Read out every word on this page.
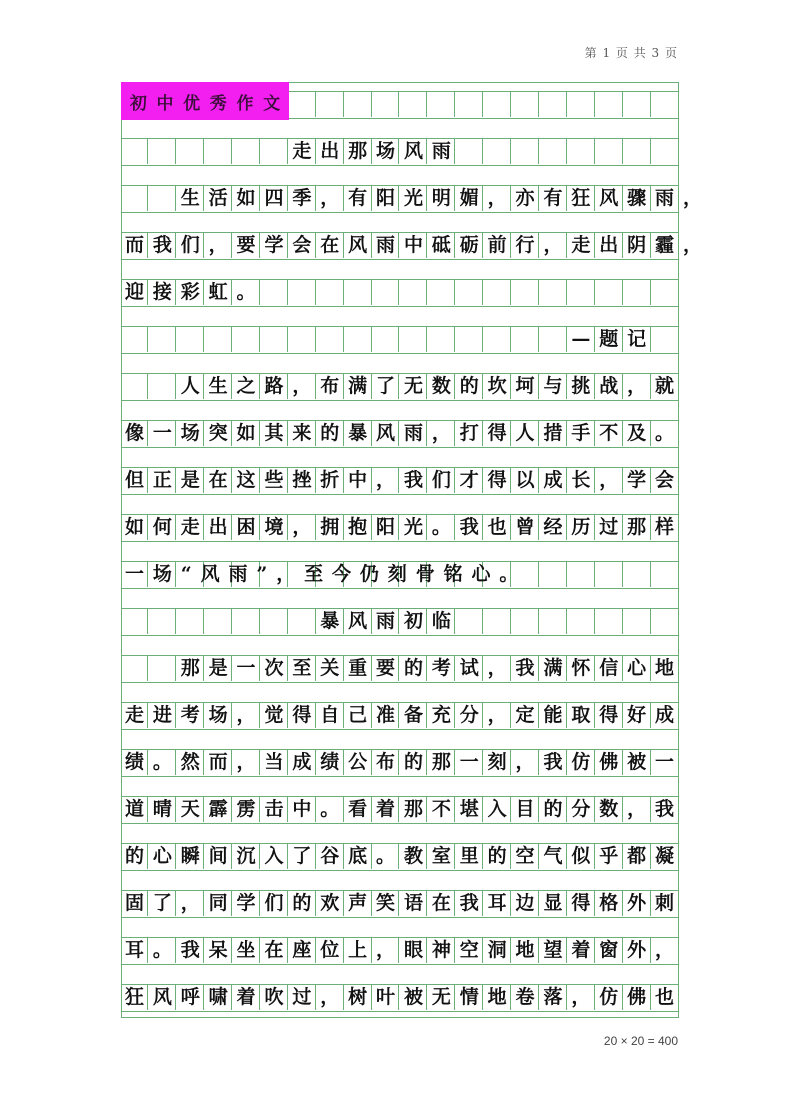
第 1 页 共 3 页
初 中 优 秀 作 文

　　　　　　走出那场风雨　　　　　　　　
　　生活如四季，有阳光明媚，亦有狂风骤雨，
而我们，要学会在风雨中砥砺前行，走出阴霾，
迎接彩虹。　　　　　　　　　　　　　　　
　　　　　　　　　　　　　　　　—题记　
　　人生之路，布满了无数的坎坷与挑战，就
像一场突如其来的暴风雨，打得人措手不及。
但正是在这些挫折中，我们才得以成长，学会
如何走出困境，拥抱阳光。我也曾经历过那样
一场“风雨”，至今仍刻骨铭心。　　　　　
　　　　　　　暴风雨初临　　　　　　　　
　　那是一次至关重要的考试，我满怀信心地
走进考场，觉得自己准备充分，定能取得好成
绩。然而，当成绩公布的那一刻，我仿佛被一
道晴天霹雳击中。看着那不堪入目的分数，我
的心瞬间沉入了谷底。教室里的空气似乎都凝
固了，同学们的欢声笑语在我耳边显得格外刺
耳。我呆坐在座位上，眼神空洞地望着窗外，
狂风呼啸着吹过，树叶被无情地卷落，仿佛也
20 × 20 = 400
